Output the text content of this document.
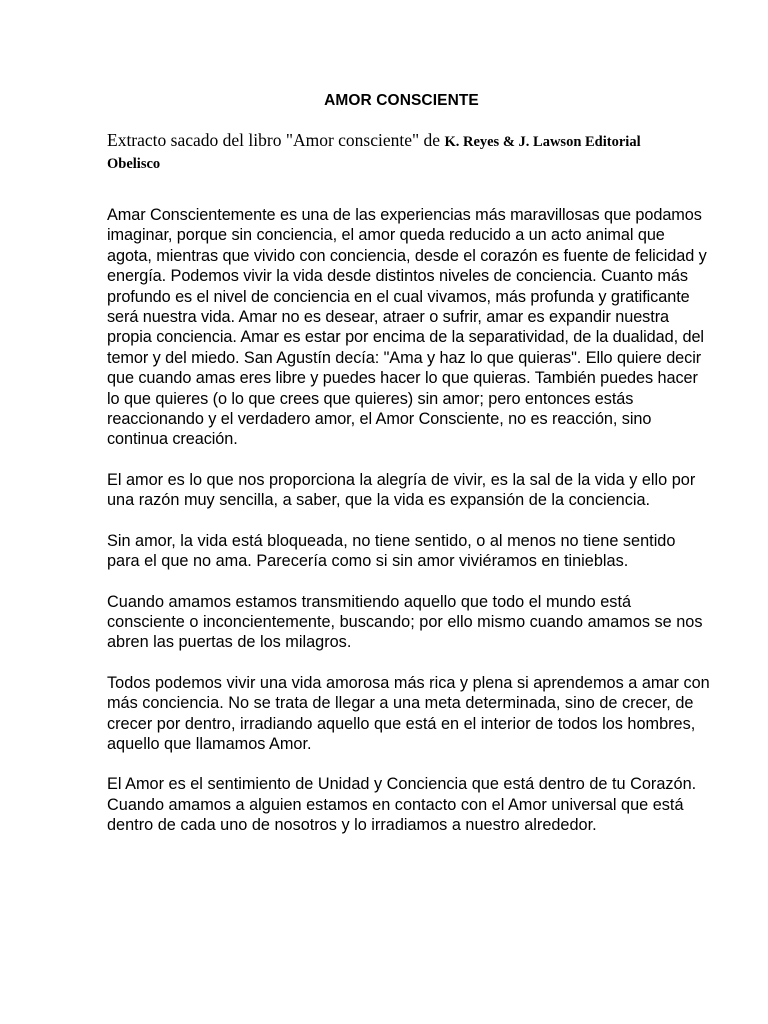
AMOR CONSCIENTE
Extracto sacado del libro "Amor consciente" de K. Reyes & J. Lawson Editorial Obelisco

Amar Conscientemente es una de las experiencias más maravillosas que podamos imaginar, porque sin conciencia, el amor queda reducido a un acto animal que agota, mientras que vivido con conciencia, desde el corazón es fuente de felicidad y energía. Podemos vivir la vida desde distintos niveles de conciencia. Cuanto más profundo es el nivel de conciencia en el cual vivamos, más profunda y gratificante será nuestra vida. Amar no es desear, atraer o sufrir, amar es expandir nuestra propia conciencia. Amar es estar por encima de la separatividad, de la dualidad, del temor y del miedo. San Agustín decía: "Ama y haz lo que quieras". Ello quiere decir que cuando amas eres libre y puedes hacer lo que quieras. También puedes hacer lo que quieres (o lo que crees que quieres) sin amor; pero entonces estás reaccionando y el verdadero amor, el Amor Consciente, no es reacción, sino continua creación.

El amor es lo que nos proporciona la alegría de vivir, es la sal de la vida y ello por una razón muy sencilla, a saber, que la vida es expansión de la conciencia.

Sin amor, la vida está bloqueada, no tiene sentido, o al menos no tiene sentido para el que no ama. Parecería como si sin amor viviéramos en tinieblas.

Cuando amamos estamos transmitiendo aquello que todo el mundo está consciente o inconcientemente, buscando; por ello mismo cuando amamos se nos abren las puertas de los milagros.

Todos podemos vivir una vida amorosa más rica y plena si aprendemos a amar con más conciencia. No se trata de llegar a una meta determinada, sino de crecer, de crecer por dentro, irradiando aquello que está en el interior de todos los hombres, aquello que llamamos Amor.

El Amor es el sentimiento de Unidad y Conciencia que está dentro de tu Corazón. Cuando amamos a alguien estamos en contacto con el Amor universal que está dentro de cada uno de nosotros y lo irradiamos a nuestro alrededor.
